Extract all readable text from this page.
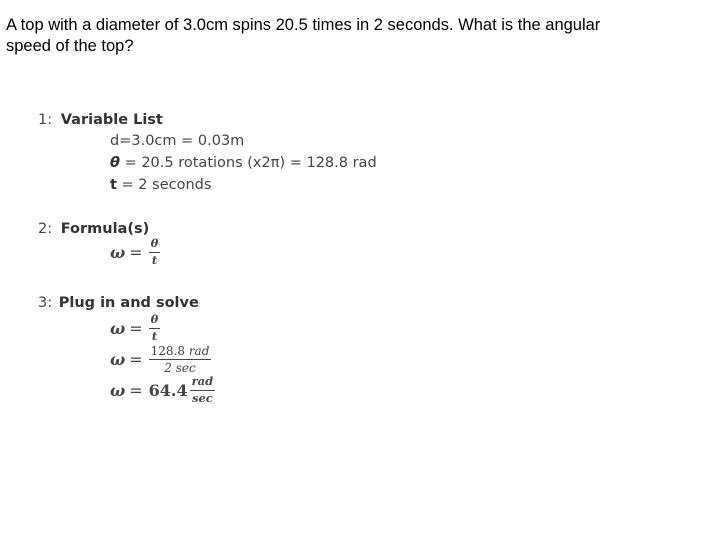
A top with a diameter of 3.0cm spins 20.5 times in 2 seconds. What is the angular
speed of the top?
1: Variable List
d=3.0cm = 0.03m
θ = 20.5 rotations (x2π) = 128.8 rad
t = 2 seconds
2: Formula(s)
$\omega = \frac{\theta}{t}$
3: Plug in and solve
$\omega = \frac{\theta}{t}$
$\omega = \frac{\text{128.8 rad}}{2 \sec}$
$\omega = 64.4 \frac{\text{rad}}{\sec}$
